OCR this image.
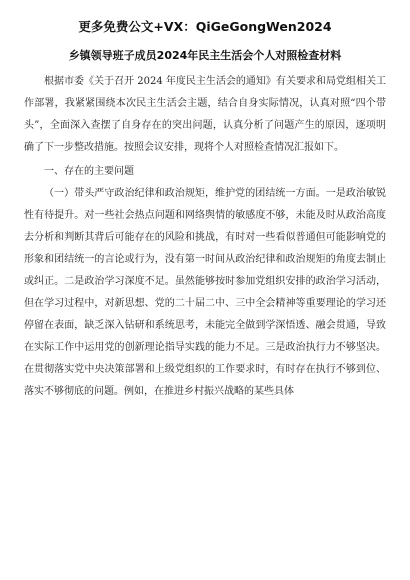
更多免费公文+VX：QiGeGongWen2024
乡镇领导班子成员2024年民主生活会个人对照检查材料

根据市委《关于召开 2024 年度民主生活会的通知》有关要求和局党组相关工作部署，我紧紧围绕本次民主生活会主题，结合自身实际情况，认真对照“四个带头”，全面深入查摆了自身存在的突出问题，认真分析了问题产生的原因，逐项明确了下一步整改措施。按照会议安排，现将个人对照检查情况汇报如下。

一、存在的主要问题

（一）带头严守政治纪律和政治规矩，维护党的团结统一方面。一是政治敏锐性有待提升。对一些社会热点问题和网络舆情的敏感度不够，未能及时从政治高度去分析和判断其背后可能存在的风险和挑战，有时对一些看似普通但可能影响党的形象和团结统一的言论或行为，没有第一时间从政治纪律和政治规矩的角度去制止或纠正。二是政治学习深度不足。虽然能够按时参加党组织安排的政治学习活动，但在学习过程中，对新思想、党的二十届二中、三中全会精神等重要理论的学习还停留在表面，缺乏深入钻研和系统思考，未能完全做到学深悟透、融会贯通，导致在实际工作中运用党的创新理论指导实践的能力不足。三是政治执行力不够坚决。在贯彻落实党中央决策部署和上级党组织的工作要求时，有时存在执行不够到位、落实不够彻底的问题。例如，在推进乡村振兴战略的某些具体
